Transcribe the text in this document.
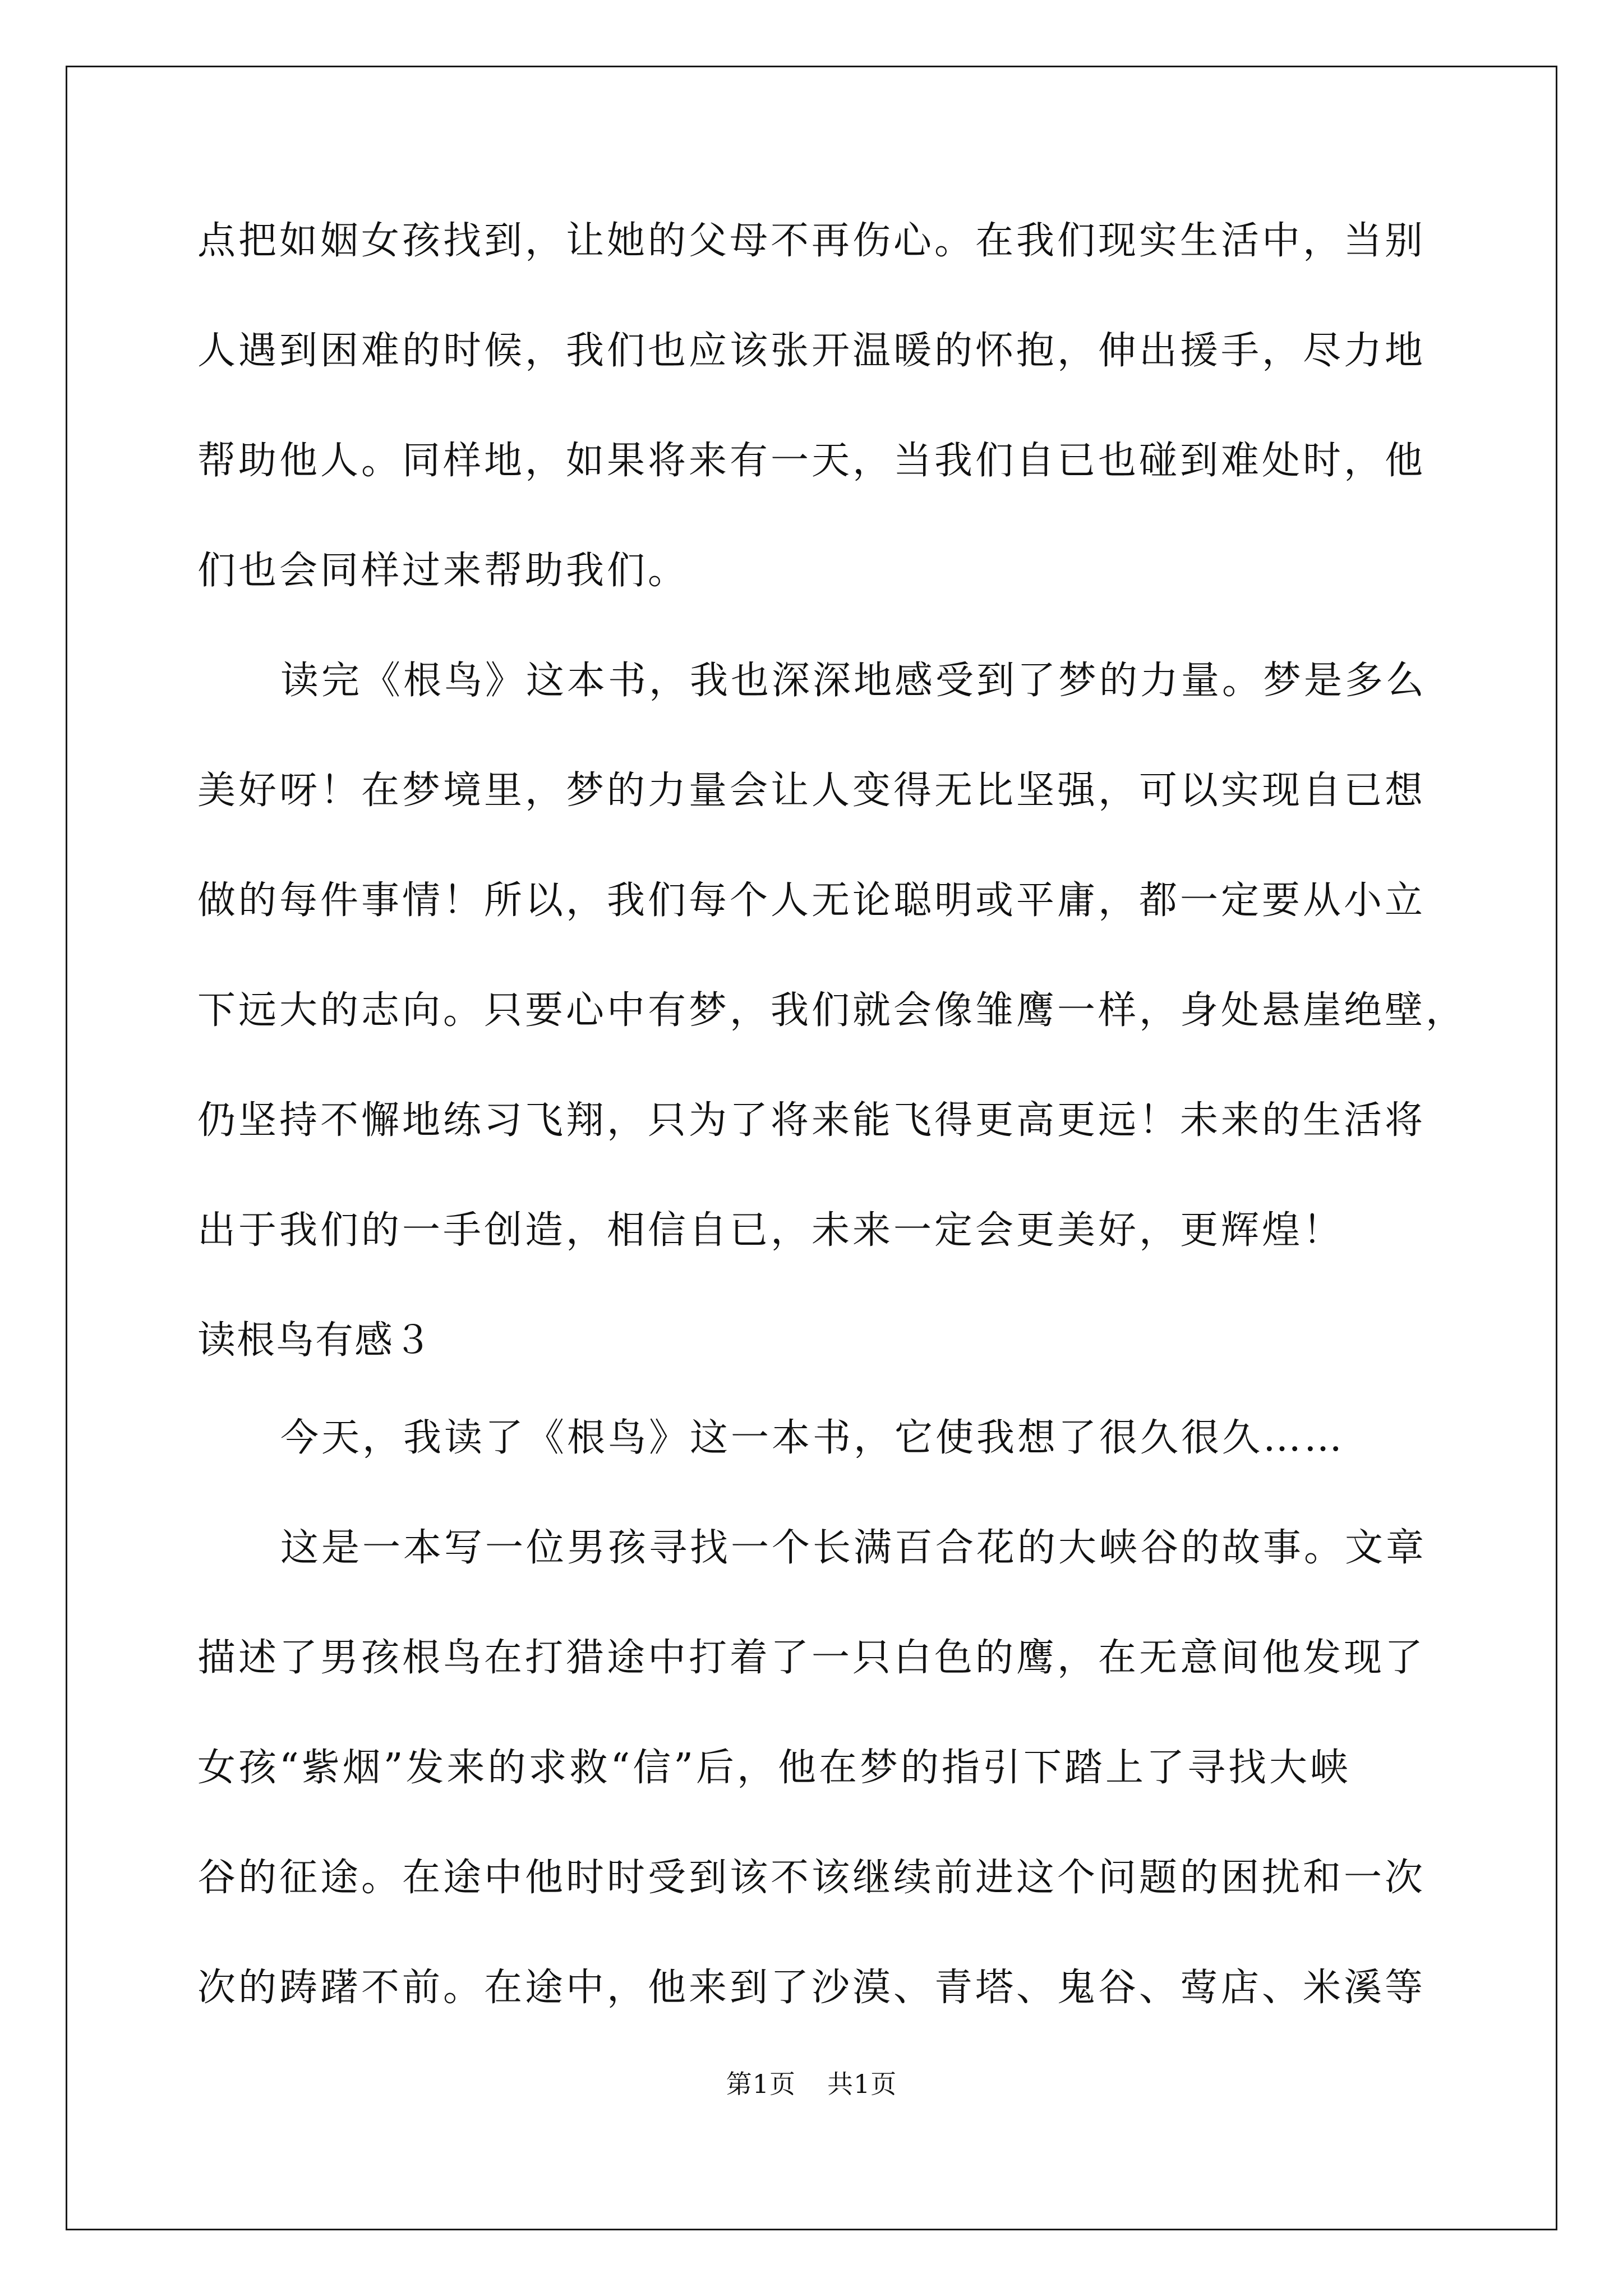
点把如姻女孩找到，让她的父母不再伤心。在我们现实生活中，当别
人遇到困难的时候，我们也应该张开温暖的怀抱，伸出援手，尽力地
帮助他人。同样地，如果将来有一天，当我们自已也碰到难处时，他
们也会同样过来帮助我们。
读完《根鸟》这本书，我也深深地感受到了梦的力量。梦是多么
美好呀！在梦境里，梦的力量会让人变得无比坚强，可以实现自已想
做的每件事情！所以，我们每个人无论聪明或平庸，都一定要从小立
下远大的志向。只要心中有梦，我们就会像雏鹰一样，身处悬崖绝壁，
仍坚持不懈地练习飞翔，只为了将来能飞得更高更远！未来的生活将
出于我们的一手创造，相信自已，未来一定会更美好，更辉煌！
读根鸟有感３
今天，我读了《根鸟》这一本书，它使我想了很久很久……
这是一本写一位男孩寻找一个长满百合花的大峡谷的故事。文章
描述了男孩根鸟在打猎途中打着了一只白色的鹰，在无意间他发现了
女孩“紫烟”发来的求救“信”后，他在梦的指引下踏上了寻找大峡
谷的征途。在途中他时时受到该不该继续前进这个问题的困扰和一次
次的踌躇不前。在途中，他来到了沙漠、青塔、鬼谷、莺店、米溪等
第1页 共1页
